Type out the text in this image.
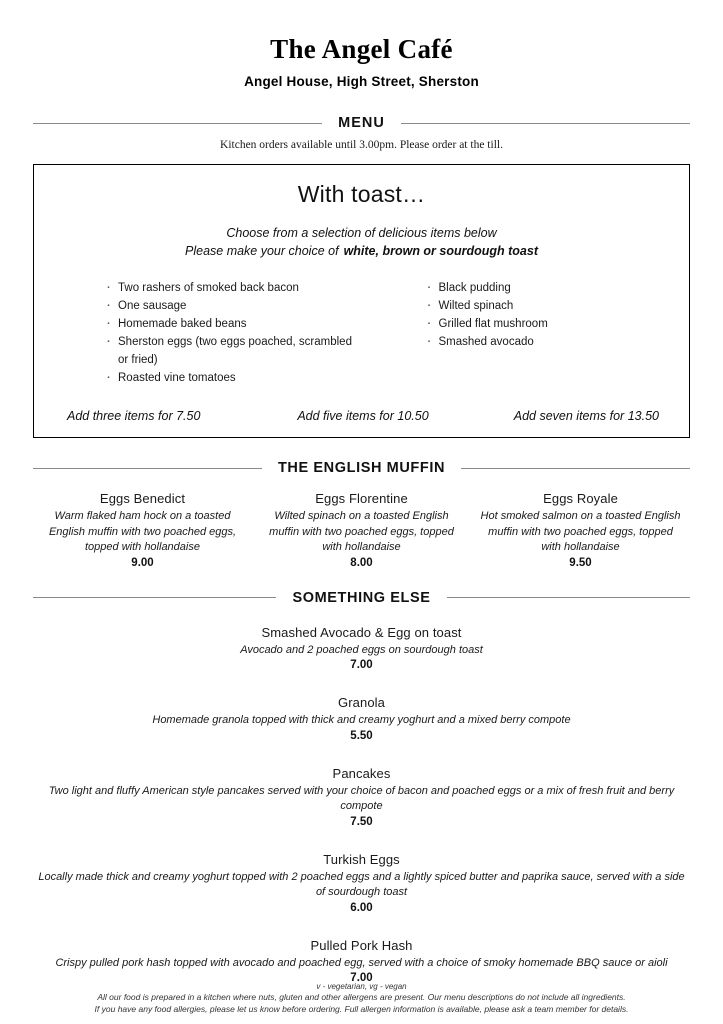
The Angel Café
Angel House, High Street, Sherston
MENU
Kitchen orders available until 3.00pm. Please order at the till.
With toast…
Choose from a selection of delicious items below
Please make your choice of white, brown or sourdough toast
· Two rashers of smoked back bacon
· One sausage
· Homemade baked beans
· Sherston eggs (two eggs poached, scrambled or fried)
· Roasted vine tomatoes
· Black pudding
· Wilted spinach
· Grilled flat mushroom
· Smashed avocado
Add three items for 7.50	Add five items for 10.50	Add seven items for 13.50
THE ENGLISH MUFFIN
Eggs Benedict
Warm flaked ham hock on a toasted English muffin with two poached eggs, topped with hollandaise
9.00
Eggs Florentine
Wilted spinach on a toasted English muffin with two poached eggs, topped with hollandaise
8.00
Eggs Royale
Hot smoked salmon on a toasted English muffin with two poached eggs, topped with hollandaise
9.50
SOMETHING ELSE
Smashed Avocado & Egg on toast
Avocado and 2 poached eggs on sourdough toast
7.00
Granola
Homemade granola topped with thick and creamy yoghurt and a mixed berry compote
5.50
Pancakes
Two light and fluffy American style pancakes served with your choice of bacon and poached eggs or a mix of fresh fruit and berry compote
7.50
Turkish Eggs
Locally made thick and creamy yoghurt topped with 2 poached eggs and a lightly spiced butter and paprika sauce, served with a side of sourdough toast
6.00
Pulled Pork Hash
Crispy pulled pork hash topped with avocado and poached egg, served with a choice of smoky homemade BBQ sauce or aioli
7.00
v - vegetarian, vg - vegan
All our food is prepared in a kitchen where nuts, gluten and other allergens are present. Our menu descriptions do not include all ingredients.
If you have any food allergies, please let us know before ordering. Full allergen information is available, please ask a team member for details.
